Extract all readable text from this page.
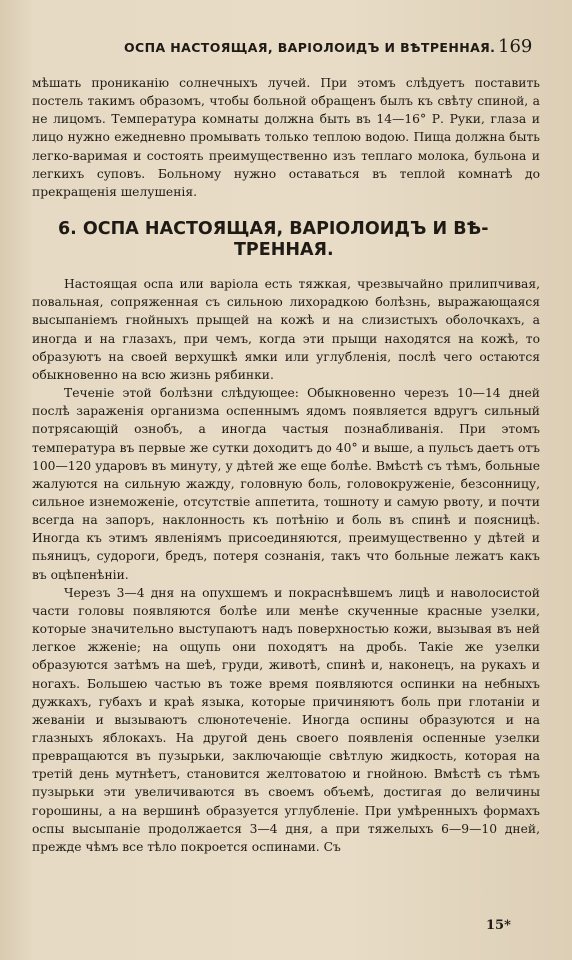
ОСПА НАСТОЯЩАЯ, ВАРІОЛОИДЪ И ВѢТРЕННАЯ. 169

мѣшать проникaнію солнечныхъ лучей. При этомъ слѣдуетъ поставить постель такимъ образомъ, чтобы больной обращенъ былъ къ свѣту спиной, а не лицомъ. Температура комнаты должна быть въ 14—16° Р. Руки, глаза и лицо нужно ежедневно промывать только теплою водою. Пища должна быть легко-варимая и состоять преимущественно изъ теплаго молока, бульона и легкихъ суповъ. Больному нужно оставаться въ теплой комнатѣ до прекращенія шелушенія.

6. ОСПА НАСТОЯЩАЯ, ВАРІОЛОИДЪ И ВѢ-
ТРЕННАЯ.

Настоящая оспа или варіола есть тяжкая, чрезвычайно прилипчивая, повальная, сопряженная съ сильною лихорадкою болѣзнь, выражающаяся высыпаніемъ гнойныхъ прыщей на кожѣ и на слизистыхъ оболочкахъ, а иногда и на глазахъ, при чемъ, когда эти прыщи находятся на кожѣ, то образуютъ на своей верхушкѣ ямки или углубленія, послѣ чего остаются обыкновенно на всю жизнь рябинки.

Теченіе этой болѣзни слѣдующее: Обыкновенно черезъ 10—14 дней послѣ зараженія организма оспеннымъ ядомъ появляется вдругъ сильный потрясающій ознобъ, а иногда частыя познабливанія. При этомъ температура въ первые же сутки доходитъ до 40° и выше, а пульсъ даетъ отъ 100—120 ударовъ въ минуту, у дѣтей же еще болѣе. Вмѣстѣ съ тѣмъ, больные жалуются на сильную жажду, головную боль, головокруженіе, безсонницу, сильное изнеможеніе, отсутствіе аппетита, тошноту и самую рвоту, и почти всегда на запоръ, наклонность къ потѣнію и боль въ спинѣ и поясницѣ. Иногда къ этимъ явленіямъ присоединяются, преимущественно у дѣтей и пьяницъ, судороги, бредъ, потеря сознанія, такъ что больные лежатъ какъ въ оцѣпенѣніи.

Черезъ 3—4 дня на опухшемъ и покраснѣвшемъ лицѣ и наволосистой части головы появляются болѣе или менѣе скученные красные узелки, которые значительно выступаютъ надъ поверхностью кожи, вызывая въ ней легкое жженіе; на ощупь они походятъ на дробь. Такіе же узелки образуются затѣмъ на шеѣ, груди, животѣ, спинѣ и, наконецъ, на рукахъ и ногахъ. Большею частью въ тоже время появляются оспинки на небныхъ дужкахъ, губахъ и краѣ языка, которые причиняютъ боль при глотаніи и жеваніи и вызываютъ слюнотеченіе. Иногда оспины образуются и на глазныхъ яблокахъ. На другой день своего появленія оспенные узелки превращаются въ пузырьки, заключающіе свѣтлую жидкость, которая на третій день мутнѣетъ, становится желтоватою и гнойною. Вмѣстѣ съ тѣмъ пузырьки эти увеличиваются въ своемъ объемѣ, достигая до величины горошины, а на вершинѣ образуется углубленіе. При умѣренныхъ формахъ оспы высыпаніе продолжается 3—4 дня, а при тяжелыхъ 6—9—10 дней, прежде чѣмъ все тѣло покроется оспинами. Съ

15*
